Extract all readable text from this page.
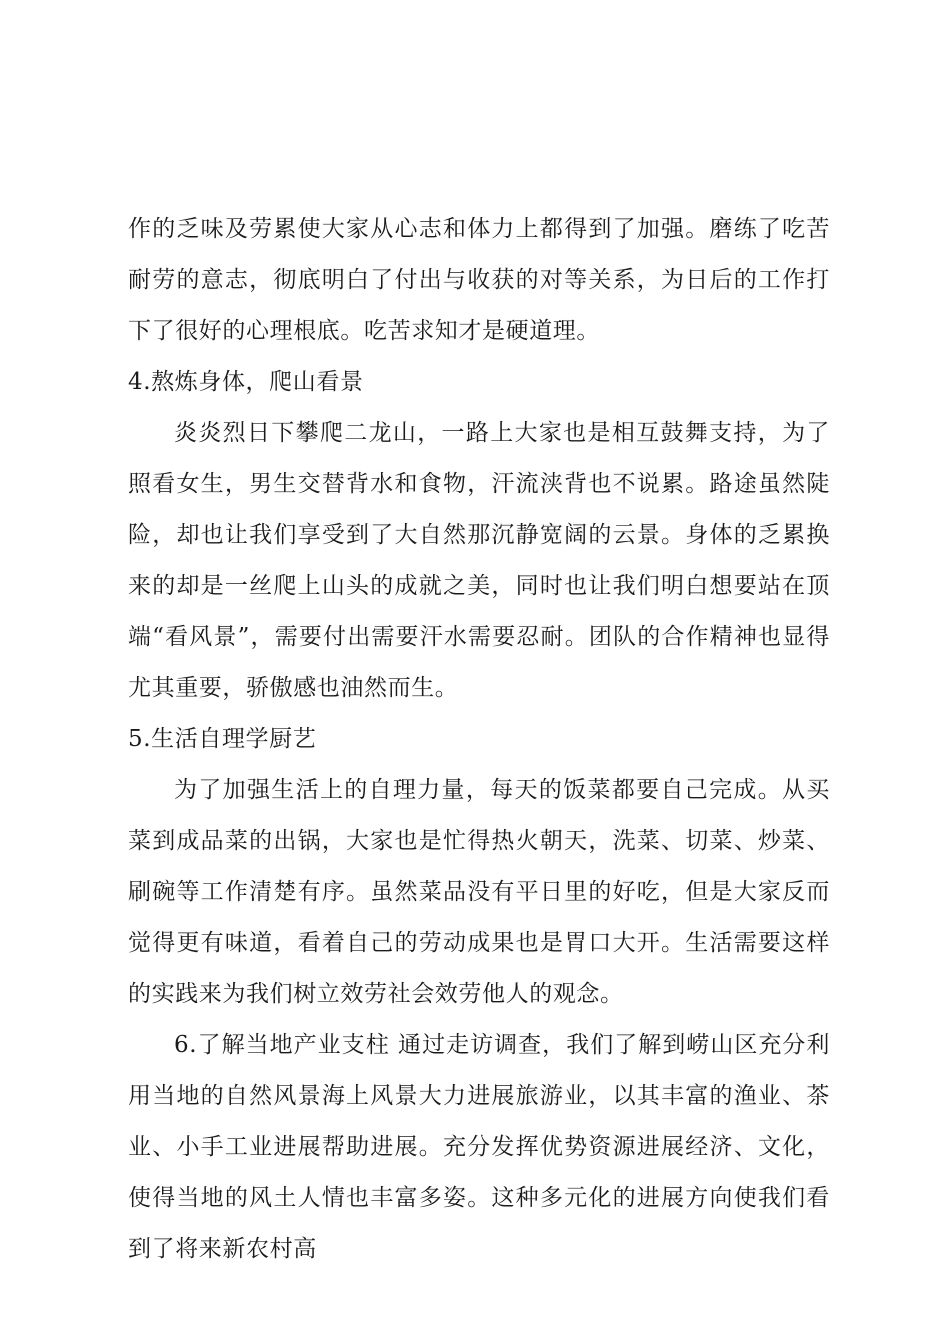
作的乏味及劳累使大家从心志和体力上都得到了加强。磨练了吃苦耐劳的意志，彻底明白了付出与收获的对等关系，为日后的工作打下了很好的心理根底。吃苦求知才是硬道理。

4.熬炼身体，爬山看景

炎炎烈日下攀爬二龙山，一路上大家也是相互鼓舞支持，为了照看女生，男生交替背水和食物，汗流浃背也不说累。路途虽然陡险，却也让我们享受到了大自然那沉静宽阔的云景。身体的乏累换来的却是一丝爬上山头的成就之美，同时也让我们明白想要站在顶端“看风景”，需要付出需要汗水需要忍耐。团队的合作精神也显得尤其重要，骄傲感也油然而生。

5.生活自理学厨艺

为了加强生活上的自理力量，每天的饭菜都要自己完成。从买菜到成品菜的出锅，大家也是忙得热火朝天，洗菜、切菜、炒菜、刷碗等工作清楚有序。虽然菜品没有平日里的好吃，但是大家反而觉得更有味道，看着自己的劳动成果也是胃口大开。生活需要这样的实践来为我们树立效劳社会效劳他人的观念。

6.了解当地产业支柱 通过走访调查，我们了解到崂山区充分利用当地的自然风景海上风景大力进展旅游业，以其丰富的渔业、茶业、小手工业进展帮助进展。充分发挥优势资源进展经济、文化，使得当地的风土人情也丰富多姿。这种多元化的进展方向使我们看到了将来新农村高
